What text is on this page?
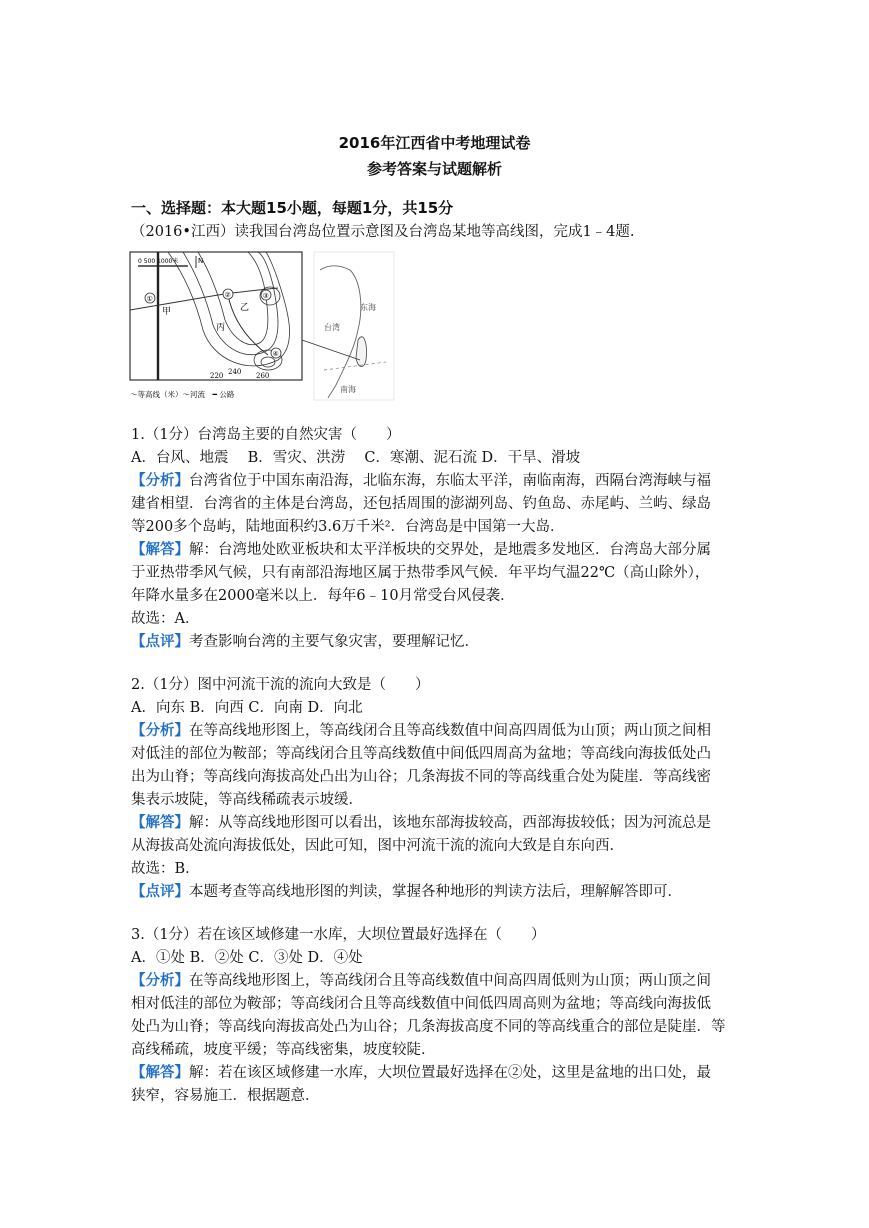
2016年江西省中考地理试卷
参考答案与试题解析
一、选择题：本大题15小题，每题1分，共15分
（2016•江西）读我国台湾岛位置示意图及台湾岛某地等高线图，完成1﹣4题.
0 500 1000米	N
①	②	③
④
甲
丙
乙
260
240
220
〜等高线（米）〜河流　━ 公路
台湾
东海
南海
1.（1分）台湾岛主要的自然灾害（　　）
A．台风、地震　 B．雪灾、洪涝　 C．寒潮、泥石流 D．干旱、滑坡
【分析】台湾省位于中国东南沿海，北临东海，东临太平洋，南临南海，西隔台湾海峡与福
建省相望．台湾省的主体是台湾岛，还包括周围的澎湖列岛、钓鱼岛、赤尾屿、兰屿、绿岛
等200多个岛屿，陆地面积约3.6万千米²．台湾岛是中国第一大岛．
【解答】解：台湾地处欧亚板块和太平洋板块的交界处，是地震多发地区．台湾岛大部分属
于亚热带季风气候，只有南部沿海地区属于热带季风气候．年平均气温22℃（高山除外），
年降水量多在2000毫米以上．每年6﹣10月常受台风侵袭．
故选：A．
【点评】考查影响台湾的主要气象灾害，要理解记忆．
2.（1分）图中河流干流的流向大致是（　　）
A．向东 B．向西 C．向南 D．向北
【分析】在等高线地形图上，等高线闭合且等高线数值中间高四周低为山顶；两山顶之间相
对低洼的部位为鞍部；等高线闭合且等高线数值中间低四周高为盆地；等高线向海拔低处凸
出为山脊；等高线向海拔高处凸出为山谷；几条海拔不同的等高线重合处为陡崖．等高线密
集表示坡陡，等高线稀疏表示坡缓．
【解答】解：从等高线地形图可以看出，该地东部海拔较高，西部海拔较低；因为河流总是
从海拔高处流向海拔低处，因此可知，图中河流干流的流向大致是自东向西．
故选：B．
【点评】本题考查等高线地形图的判读，掌握各种地形的判读方法后，理解解答即可．
3.（1分）若在该区域修建一水库，大坝位置最好选择在（　　）
A．①处 B．②处 C．③处 D．④处
【分析】在等高线地形图上，等高线闭合且等高线数值中间高四周低则为山顶；两山顶之间
相对低洼的部位为鞍部；等高线闭合且等高线数值中间低四周高则为盆地；等高线向海拔低
处凸为山脊；等高线向海拔高处凸为山谷；几条海拔高度不同的等高线重合的部位是陡崖．等
高线稀疏，坡度平缓；等高线密集，坡度较陡．
【解答】解：若在该区域修建一水库，大坝位置最好选择在②处，这里是盆地的出口处，最
狭窄，容易施工．根据题意．
